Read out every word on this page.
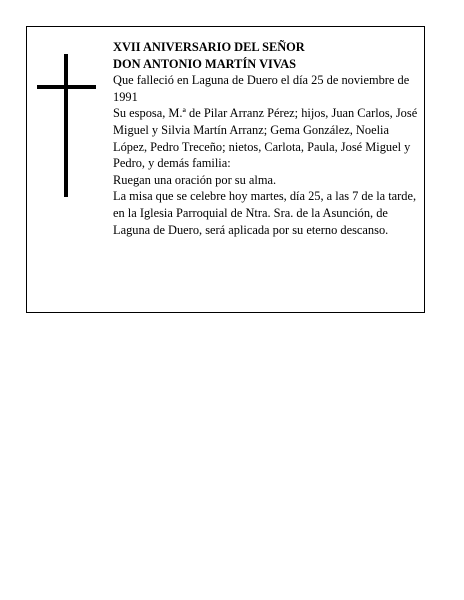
XVII ANIVERSARIO DEL SEÑOR
DON ANTONIO MARTÍN VIVAS

Que falleció en Laguna de Duero el día 25 de noviembre de 1991

Su esposa, M.ª de Pilar Arranz Pérez; hijos, Juan Carlos, José Miguel y Silvia Martín Arranz; Gema González, Noelia López, Pedro Treceño; nietos, Carlota, Paula, José Miguel y Pedro, y demás familia:

Ruegan una oración por su alma.

La misa que se celebre hoy martes, día 25, a las 7 de la tarde, en la Iglesia Parroquial de Ntra. Sra. de la Asunción, de Laguna de Duero, será aplicada por su eterno descanso.
